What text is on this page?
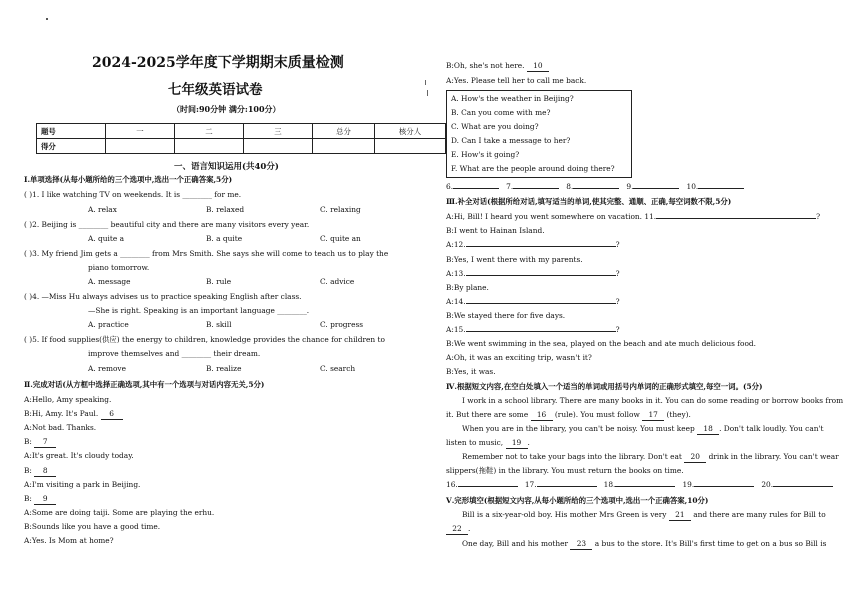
2024-2025学年度下学期期末质量检测
七年级英语试卷
（时间:90分钟 满分:100分）
题号	一	二	三	总分	核分人
得分					
一、语言知识运用(共40分)
Ⅰ.单项选择(从每小题所给的三个选项中,选出一个正确答案,5分)
( )1. I like watching TV on weekends. It is ________ for me.
A. relax	B. relaxed	C. relaxing
( )2. Beijing is ________ beautiful city and there are many visitors every year.
A. quite a	B. a quite	C. quite an
( )3. My friend Jim gets a ________ from Mrs Smith. She says she will come to teach us to play the
piano tomorrow.
A. message	B. rule	C. advice
( )4. —Miss Hu always advises us to practice speaking English after class.
—She is right. Speaking is an important language ________.
A. practice	B. skill	C. progress
( )5. If food supplies(供应) the energy to children, knowledge provides the chance for children to
improve themselves and ________ their dream.
A. remove	B. realize	C. search
Ⅱ.完成对话(从方框中选择正确选项,其中有一个选项与对话内容无关,5分)
A:Hello, Amy speaking.
B:Hi, Amy. It's Paul. 6
A:Not bad. Thanks.
B: 7
A:It's great. It's cloudy today.
B: 8
A:I'm visiting a park in Beijing.
B: 9
A:Some are doing taiji. Some are playing the erhu.
B:Sounds like you have a good time.
A:Yes. Is Mom at home?
B:Oh, she's not here. 10
A:Yes. Please tell her to call me back.
A. How's the weather in Beijing?
B. Can you come with me?
C. What are you doing?
D. Can I take a message to her?
E. How's it going?
F. What are the people around doing there?
6.	7.	8.	9.	10.
Ⅲ.补全对话(根据所给对话,填写适当的单词,使其完整、通顺、正确,每空词数不限,5分)
A:Hi, Bill! I heard you went somewhere on vacation. 11.	?
B:I went to Hainan Island.
A:12.	?
B:Yes, I went there with my parents.
A:13.	?
B:By plane.
A:14.	?
B:We stayed there for five days.
A:15.	?
B:We went swimming in the sea, played on the beach and ate much delicious food.
A:Oh, it was an exciting trip, wasn't it?
B:Yes, it was.
Ⅳ.根据短文内容,在空白处填入一个适当的单词或用括号内单词的正确形式填空,每空一词。(5分)
I work in a school library. There are many books in it. You can do some reading or borrow books from
it. But there are some 16 (rule). You must follow 17 (they).
When you are in the library, you can't be noisy. You must keep 18 . Don't talk loudly. You can't
listen to music, 19 .
Remember not to take your bags into the library. Don't eat 20 drink in the library. You can't wear
slippers(拖鞋) in the library. You must return the books on time.
16.	17.	18.	19.	20.
Ⅴ.完形填空(根据短文内容,从每小题所给的三个选项中,选出一个正确答案,10分)
Bill is a six-year-old boy. His mother Mrs Green is very 21 and there are many rules for Bill to
22 .
One day, Bill and his mother 23 a bus to the store. It's Bill's first time to get on a bus so Bill is
